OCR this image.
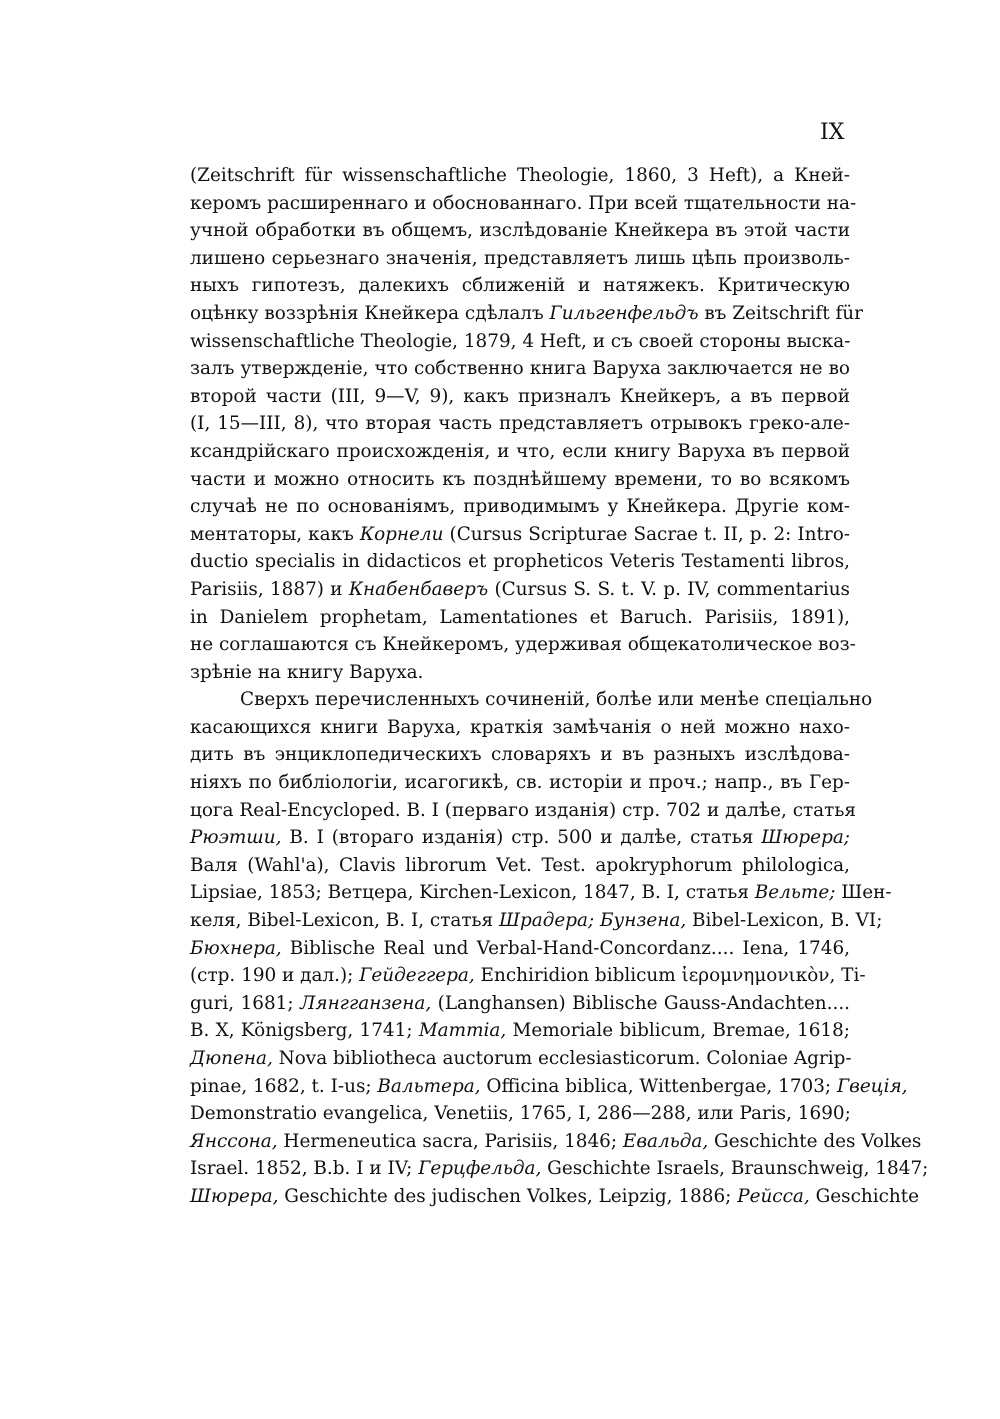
IX
(Zeitschrift für wissenschaftliche Theologie, 1860, 3 Heft), а Кней-
керомъ расширеннаго и обоснованнаго. При всей тщательности на-
учной обработки въ общемъ, изслѣдованіе Кнейкера въ этой части
лишено серьезнаго значенія, представляетъ лишь цѣпь произволь-
ныхъ гипотезъ, далекихъ сближеній и натяжекъ. Критическую
оцѣнку воззрѣнія Кнейкера сдѣлалъ Гильгенфельдъ въ Zeitschrift für
wissenschaftliche Theologie, 1879, 4 Heft, и съ своей стороны выска-
залъ утвержденіе, что собственно книга Варуха заключается не во
второй части (III, 9—V, 9), какъ призналъ Кнейкеръ, а въ первой
(I, 15—III, 8), что вторая часть представляетъ отрывокъ греко-але-
ксандрійскаго происхожденія, и что, если книгу Варуха въ первой
части и можно относить къ позднѣйшему времени, то во всякомъ
случаѣ не по основаніямъ, приводимымъ у Кнейкера. Другіе ком-
ментаторы, какъ Корнели (Cursus Scripturae Sacrae t. II, p. 2: Intro-
ductio specialis in didacticos et propheticos Veteris Testamenti libros,
Parisiis, 1887) и Кнабенбаверъ (Cursus S. S. t. V. p. IV, commentarius
in Danielem prophetam, Lamentationes et Baruch. Parisiis, 1891),
не соглашаются съ Кнейкеромъ, удерживая общекатолическое воз-
зрѣніе на книгу Варуха.
Сверхъ перечисленныхъ сочиненій, болѣе или менѣе спеціально
касающихся книги Варуха, краткія замѣчанія о ней можно нахо-
дить въ энциклопедическихъ словаряхъ и въ разныхъ изслѣдова-
ніяхъ по библіологіи, исагогикѣ, св. исторіи и проч.; напр., въ Гер-
цога Real-Encycloped. B. I (перваго изданія) стр. 702 и далѣе, статья
Рюэтши, B. I (втораго изданія) стр. 500 и далѣе, статья Шюрера;
Валя (Wahl'a), Clavis librorum Vet. Test. apokryphorum philologica,
Lipsiae, 1853; Ветцера, Kirchen-Lexicon, 1847, B. I, статья Вельте; Шен-
келя, Bibel-Lexicon, B. I, статья Шрадера; Бунзена, Bibel-Lexicon, B. VI;
Бюхнера, Biblische Real und Verbal-Hand-Concordanz.... Iena, 1746,
(стр. 190 и дал.); Гейдеггера, Enchiridion biblicum ἱερομνημονικὸν, Ti-
guri, 1681; Лянгганзена, (Langhansen) Biblische Gauss-Andachten....
B. X, Königsberg, 1741; Mammia, Memoriale biblicum, Bremae, 1618;
Дюпена, Nova bibliotheca auctorum ecclesiasticorum. Coloniae Agrip-
pinae, 1682, t. I-us; Вальтера, Officina biblica, Wittenbergae, 1703; Гвеція,
Demonstratio evangelica, Venetiis, 1765, I, 286—288, или Paris, 1690;
Янссона, Hermeneutica sacra, Parisiis, 1846; Евальда, Geschichte des Volkes
Israel. 1852, B.b. I и IV; Герцфельда, Geschichte Israels, Braunschweig, 1847;
Шюрера, Geschichte des judischen Volkes, Leipzig, 1886; Рейсса, Geschichte
